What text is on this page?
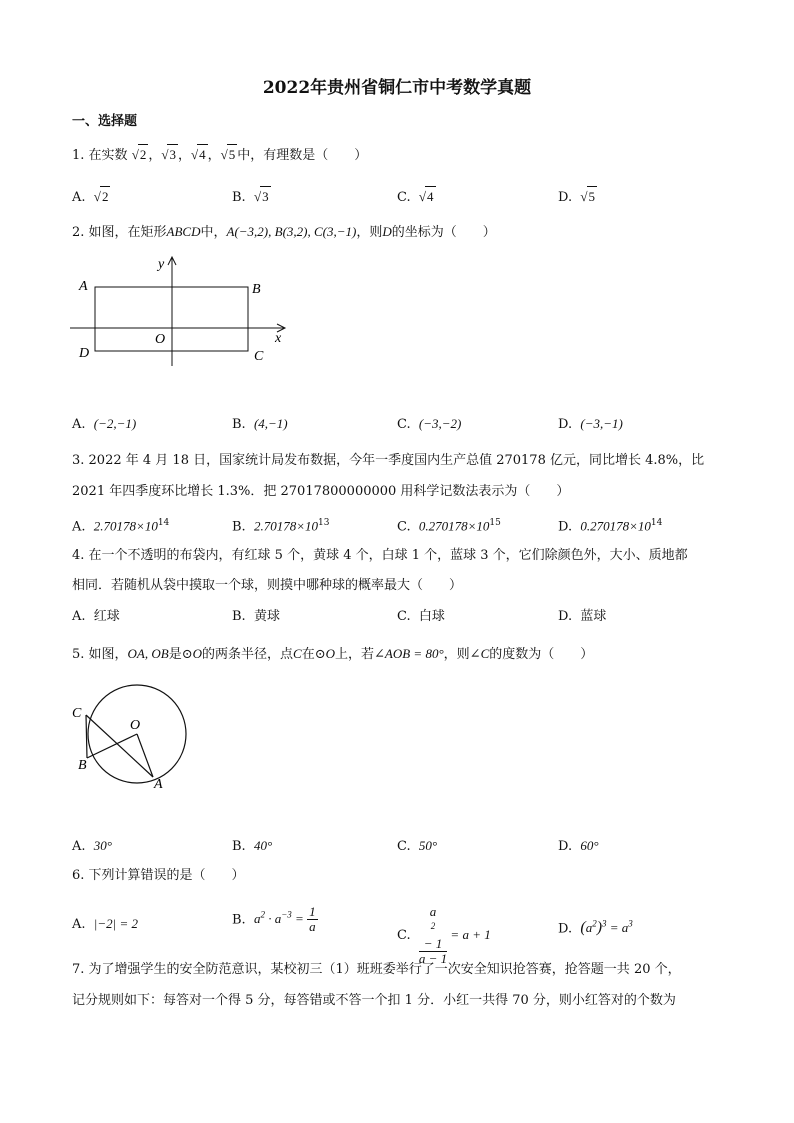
2022年贵州省铜仁市中考数学真题
一、选择题
1. 在实数 √2 ，√3 ，√4 ，√5 中，有理数是（　　）
A. √2	B. √3	C. √4	D. √5
2. 如图，在矩形ABCD中，A(−3,2), B(3,2), C(3,−1)，则D的坐标为（　　）
A	B
C
D
O	x
y
A. (−2,−1)	B. (4,−1)	C. (−3,−2)	D. (−3,−1)
3. 2022 年 4 月 18 日，国家统计局发布数据，今年一季度国内生产总值 270178 亿元，同比增长 4.8%，比
2021 年四季度环比增长 1.3%．把 27017800000000 用科学记数法表示为（　　）
A. $2.70178\times 10^{14}$	B. $2.70178\times 10^{13}$	C. $0.270178\times 10^{15}$	D. $0.270178\times 10^{14}$
4. 在一个不透明的布袋内，有红球 5 个，黄球 4 个，白球 1 个，蓝球 3 个，它们除颜色外，大小、质地都
相同．若随机从袋中摸取一个球，则摸中哪种球的概率最大（　　）
A. 红球	B. 黄球	C. 白球	D. 蓝球
5. 如图，OA, OB是⊙O的两条半径，点C在⊙O上，若∠AOB = 80°，则∠C的度数为（　　）
C
O
B
A
A. 30°	B. 40°	C. 50°	D. 60°
6. 下列计算错误的是（　　）
A. |−2| = 2	B. $a^2 \cdot a^{-3} = \frac{1}{a}$
C. a
$^2$
− 1
a − 1 = a + 1	D. $(a^2)^3 = a^3$
7. 为了增强学生的安全防范意识，某校初三（1）班班委举行了一次安全知识抢答赛，抢答题一共 20 个，
记分规则如下：每答对一个得 5 分，每答错或不答一个扣 1 分．小红一共得 70 分，则小红答对的个数为
